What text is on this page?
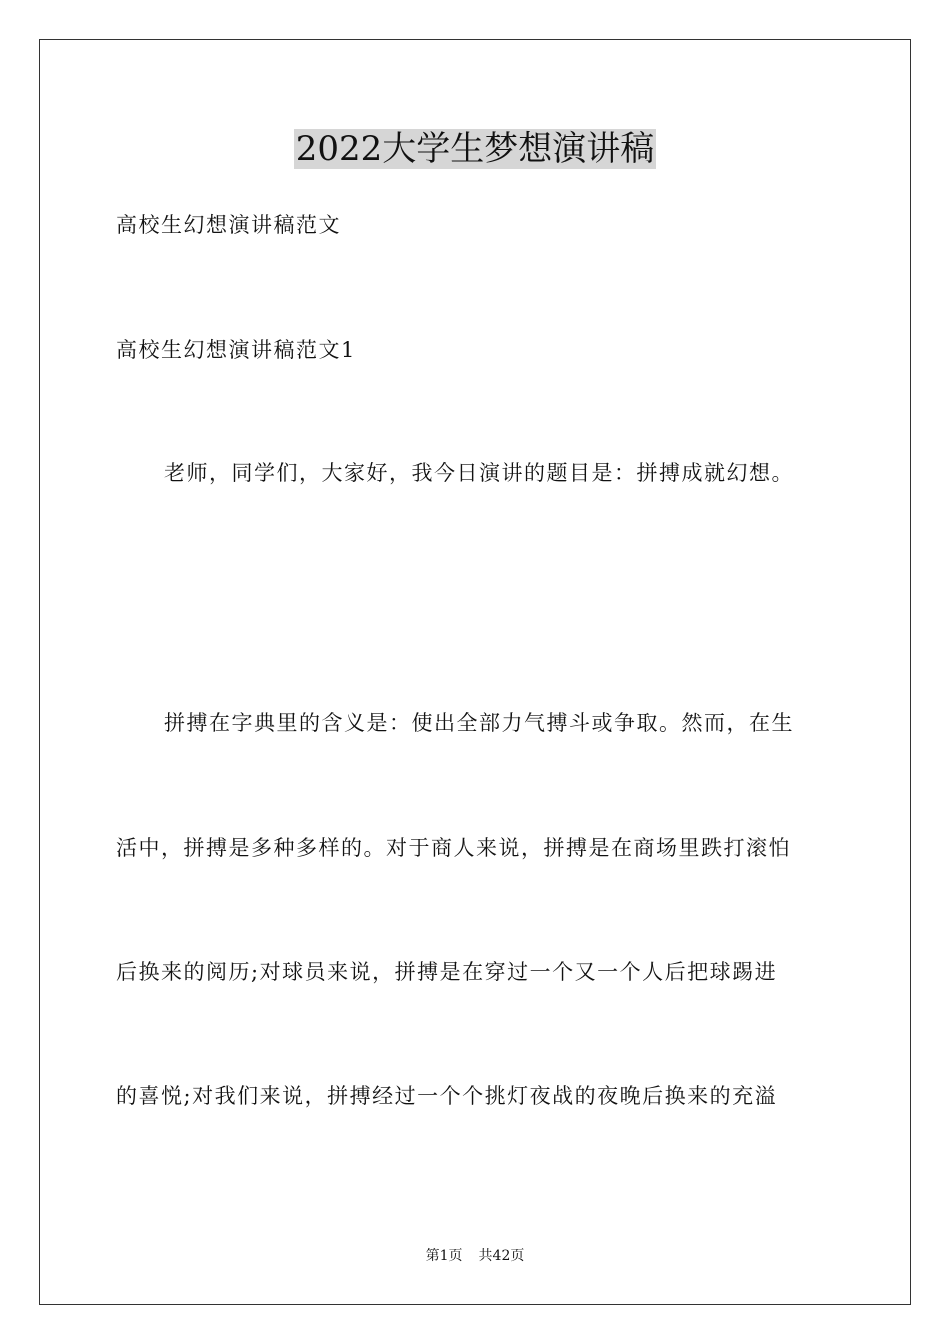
2022大学生梦想演讲稿
高校生幻想演讲稿范文
高校生幻想演讲稿范文1
老师，同学们，大家好，我今日演讲的题目是：拼搏成就幻想。
拼搏在字典里的含义是：使出全部力气搏斗或争取。然而，在生
活中，拼搏是多种多样的。对于商人来说，拼搏是在商场里跌打滚怕
后换来的阅历;对球员来说，拼搏是在穿过一个又一个人后把球踢进
的喜悦;对我们来说，拼搏经过一个个挑灯夜战的夜晚后换来的充溢
第1页 共42页
